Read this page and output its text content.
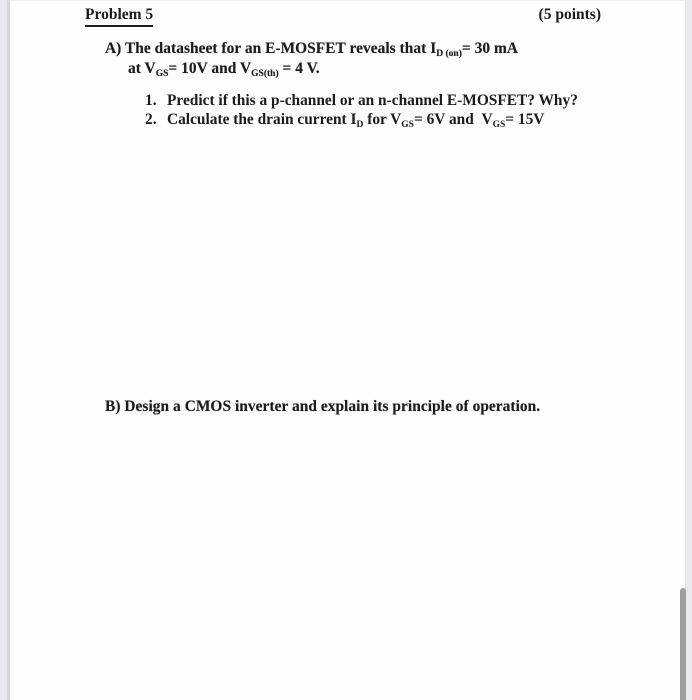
Problem 5	(5 points)
A) The datasheet for an E-MOSFET reveals that $I_{D (on)}= 30$ mA
at $V_{GS}= 10V$ and $V_{GS(th)} = 4$ V.
1. Predict if this a p-channel or an n-channel E-MOSFET? Why?
2. Calculate the drain current $I_D$ for $V_{GS}= 6V$ and  $V_{GS}= 15V$
B) Design a CMOS inverter and explain its principle of operation.
